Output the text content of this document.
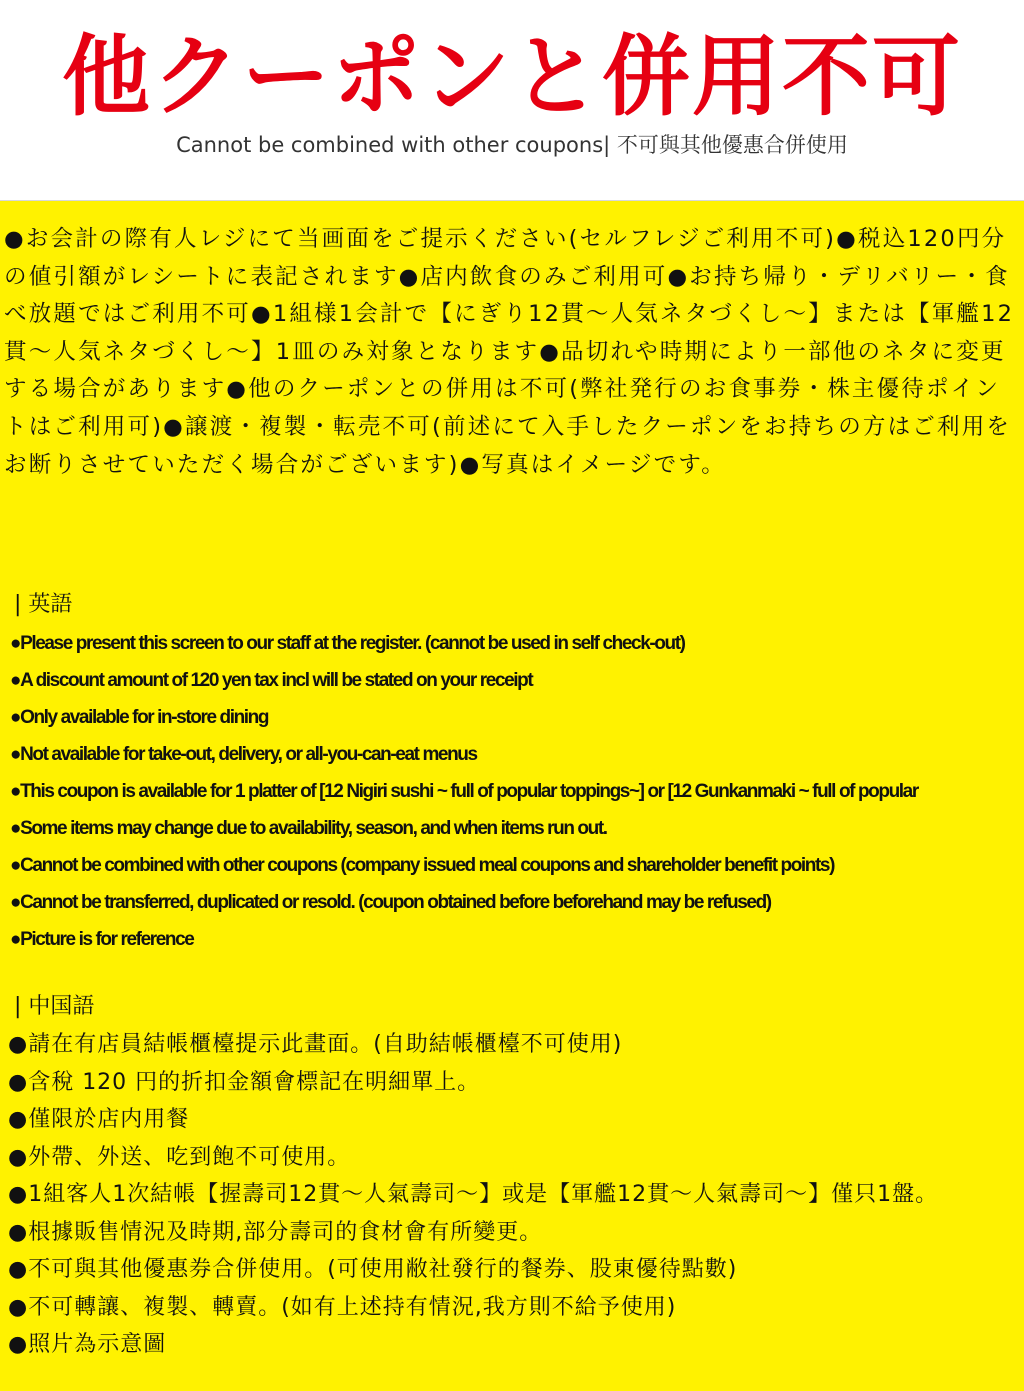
他クーポンと併用不可
Cannot be combined with other coupons| 不可與其他優惠合併使用

●お会計の際有人レジにて当画面をご提示ください(セルフレジご利用不可)●税込120円分の値引額がレシートに表記されます●店内飲食のみご利用可●お持ち帰り・デリバリー・食べ放題ではご利用不可●1組様1会計で【にぎり12貫〜人気ネタづくし〜】または【軍艦12貫〜人気ネタづくし〜】1皿のみ対象となります●品切れや時期により一部他のネタに変更する場合があります●他のクーポンとの併用は不可(弊社発行のお食事券・株主優待ポイントはご利用可)●譲渡・複製・転売不可(前述にて入手したクーポンをお持ちの方はご利用をお断りさせていただく場合がございます)●写真はイメージです。

| 英語
●Please present this screen to our staff at the register. (cannot be used in self check-out)
●A discount amount of 120 yen tax incl will be stated on your receipt
●Only available for in-store dining
●Not available for take-out, delivery, or all-you-can-eat menus
●This coupon is available for 1 platter of [12 Nigiri sushi ~ full of popular toppings~] or [12 Gunkanmaki ~ full of popular
●Some items may change due to availability, season, and when items run out.
●Cannot be combined with other coupons (company issued meal coupons and shareholder benefit points)
●Cannot be transferred, duplicated or resold. (coupon obtained before beforehand may be refused)
●Picture is for reference
| 中国語
●請在有店員結帳櫃檯提示此畫面。(自助結帳櫃檯不可使用)
●含稅 120 円的折扣金額會標記在明細單上。
●僅限於店内用餐
●外帶、外送、吃到飽不可使用。
●1組客人1次結帳【握壽司12貫〜人氣壽司〜】或是【軍艦12貫〜人氣壽司〜】僅只1盤。
●根據販售情況及時期,部分壽司的食材會有所變更。
●不可與其他優惠券合併使用。(可使用敝社發行的餐券、股東優待點數)
●不可轉讓、複製、轉賣。(如有上述持有情況,我方則不給予使用)
●照片為示意圖
